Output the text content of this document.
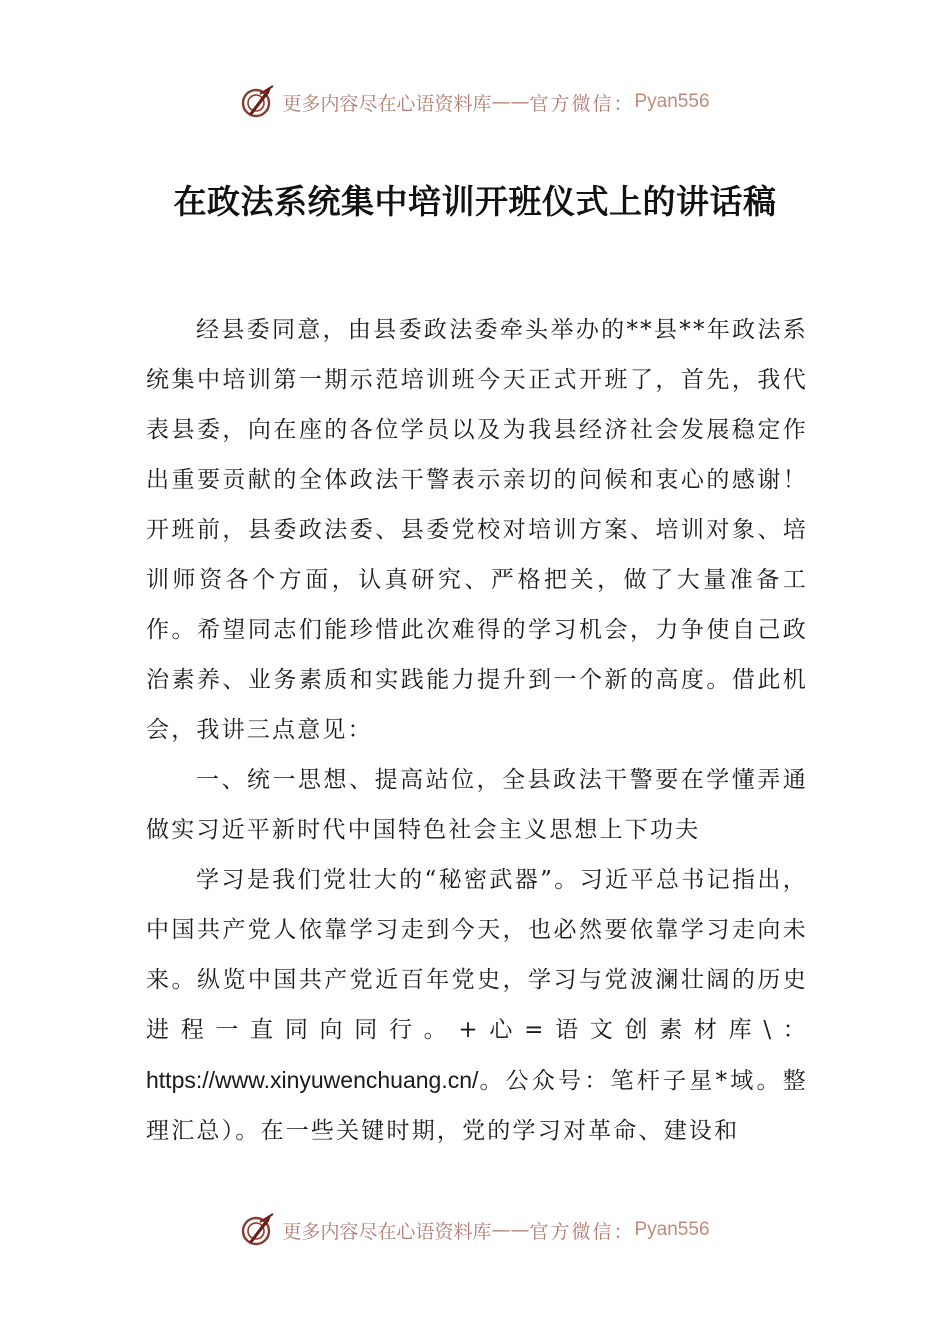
更多内容尽在心语资料库 —— 官方微信： Pyan556
在政法系统集中培训开班仪式上的讲话稿

经县委同意，由县委政法委牵头举办的**县**年政法系统集中培训第一期示范培训班今天正式开班了，首先，我代表县委，向在座的各位学员以及为我县经济社会发展稳定作出重要贡献的全体政法干警表示亲切的问候和衷心的感谢！开班前，县委政法委、县委党校对培训方案、培训对象、培训师资各个方面，认真研究、严格把关，做了大量准备工作。希望同志们能珍惜此次难得的学习机会，力争使自己政治素养、业务素质和实践能力提升到一个新的高度。借此机会，我讲三点意见：

一、统一思想、提高站位，全县政法干警要在学懂弄通做实习近平新时代中国特色社会主义思想上下功夫

学习是我们党壮大的“秘密武器”。习近平总书记指出，中国共产党人依靠学习走到今天，也必然要依靠学习走向未来。纵览中国共产党近百年党史，学习与党波澜壮阔的历史进程一直同向同行。+心=语文创素材库\：https://www.xinyuwenchuang.cn/。公众号：笔杆子星*域。整理汇总）。在一些关键时期，党的学习对革命、建设和

更多内容尽在心语资料库 —— 官方微信： Pyan556
